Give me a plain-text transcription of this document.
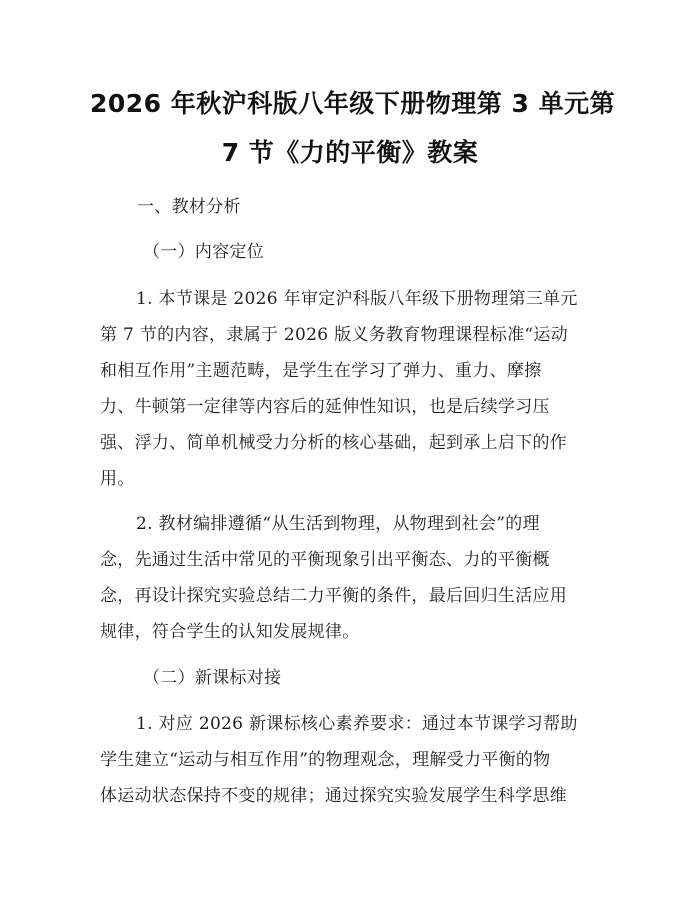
2026 年秋沪科版八年级下册物理第 3 单元第
7 节《力的平衡》教案
一、教材分析
（一）内容定位
1. 本节课是 2026 年审定沪科版八年级下册物理第三单元
第 7 节的内容，隶属于 2026 版义务教育物理课程标准“运动
和相互作用”主题范畴，是学生在学习了弹力、重力、摩擦
力、牛顿第一定律等内容后的延伸性知识，也是后续学习压
强、浮力、简单机械受力分析的核心基础，起到承上启下的作
用。
2. 教材编排遵循“从生活到物理，从物理到社会”的理
念，先通过生活中常见的平衡现象引出平衡态、力的平衡概
念，再设计探究实验总结二力平衡的条件，最后回归生活应用
规律，符合学生的认知发展规律。
（二）新课标对接
1. 对应 2026 新课标核心素养要求：通过本节课学习帮助
学生建立“运动与相互作用”的物理观念，理解受力平衡的物
体运动状态保持不变的规律；通过探究实验发展学生科学思维
